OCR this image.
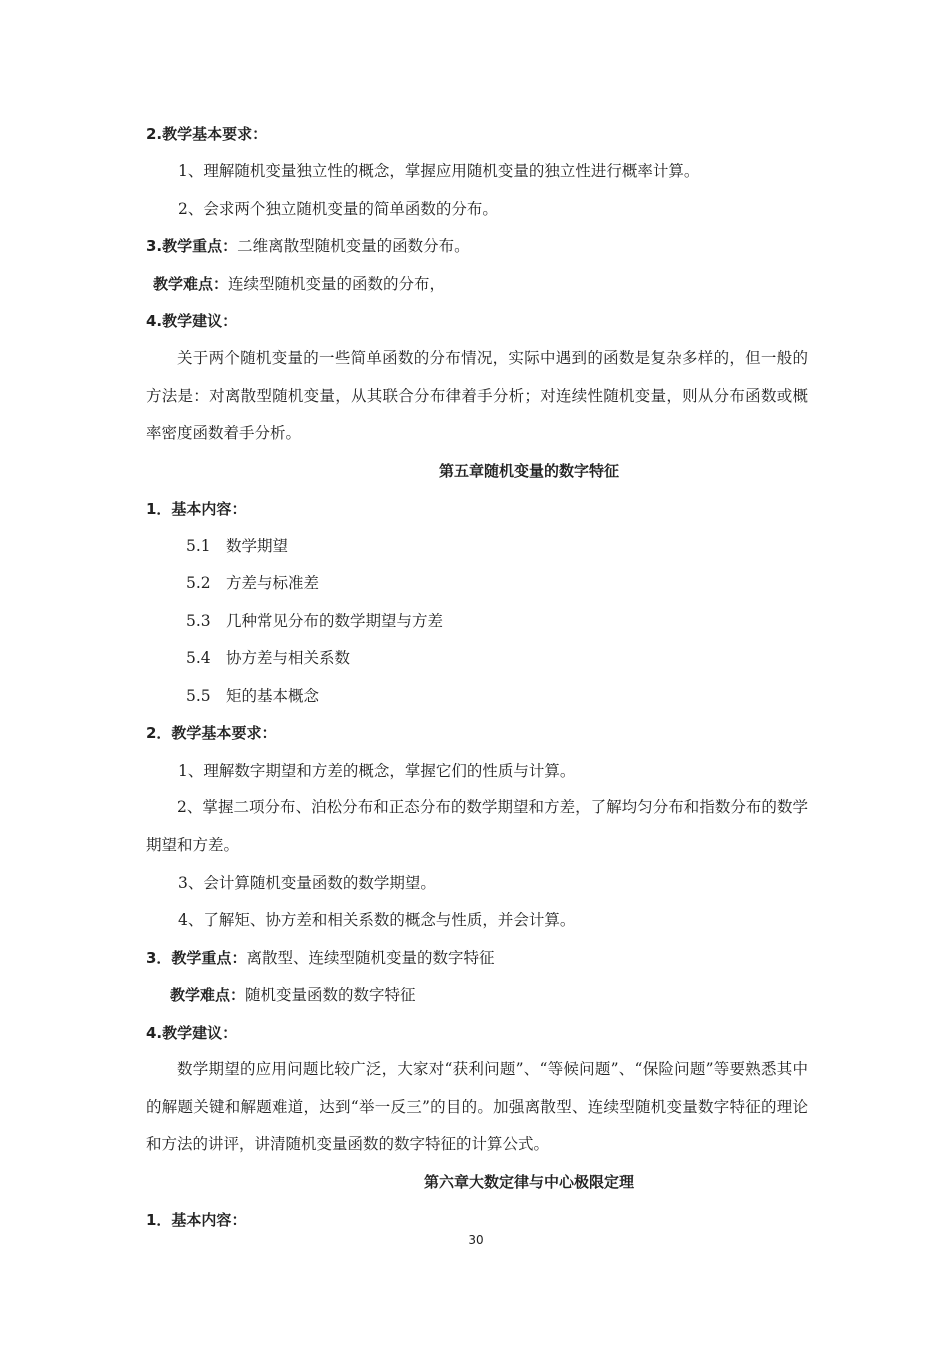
2.教学基本要求：
1、理解随机变量独立性的概念，掌握应用随机变量的独立性进行概率计算。
2、会求两个独立随机变量的简单函数的分布。
3.教学重点：二维离散型随机变量的函数分布。
教学难点：连续型随机变量的函数的分布，
4.教学建议：
关于两个随机变量的一些简单函数的分布情况，实际中遇到的函数是复杂多样的，但一般的方法是：对离散型随机变量，从其联合分布律着手分析；对连续性随机变量，则从分布函数或概率密度函数着手分析。
第五章随机变量的数字特征
1．基本内容：
5.1 数学期望
5.2 方差与标准差
5.3 几种常见分布的数学期望与方差
5.4 协方差与相关系数
5.5 矩的基本概念
2．教学基本要求：
1、理解数字期望和方差的概念，掌握它们的性质与计算。
2、掌握二项分布、泊松分布和正态分布的数学期望和方差，了解均匀分布和指数分布的数学期望和方差。
3、会计算随机变量函数的数学期望。
4、了解矩、协方差和相关系数的概念与性质，并会计算。
3．教学重点：离散型、连续型随机变量的数字特征
教学难点：随机变量函数的数字特征
4.教学建议：
数学期望的应用问题比较广泛，大家对“获利问题”、“等候问题”、“保险问题”等要熟悉其中的解题关键和解题难道，达到“举一反三”的目的。加强离散型、连续型随机变量数字特征的理论和方法的讲评，讲清随机变量函数的数字特征的计算公式。
第六章大数定律与中心极限定理
1．基本内容：
30
